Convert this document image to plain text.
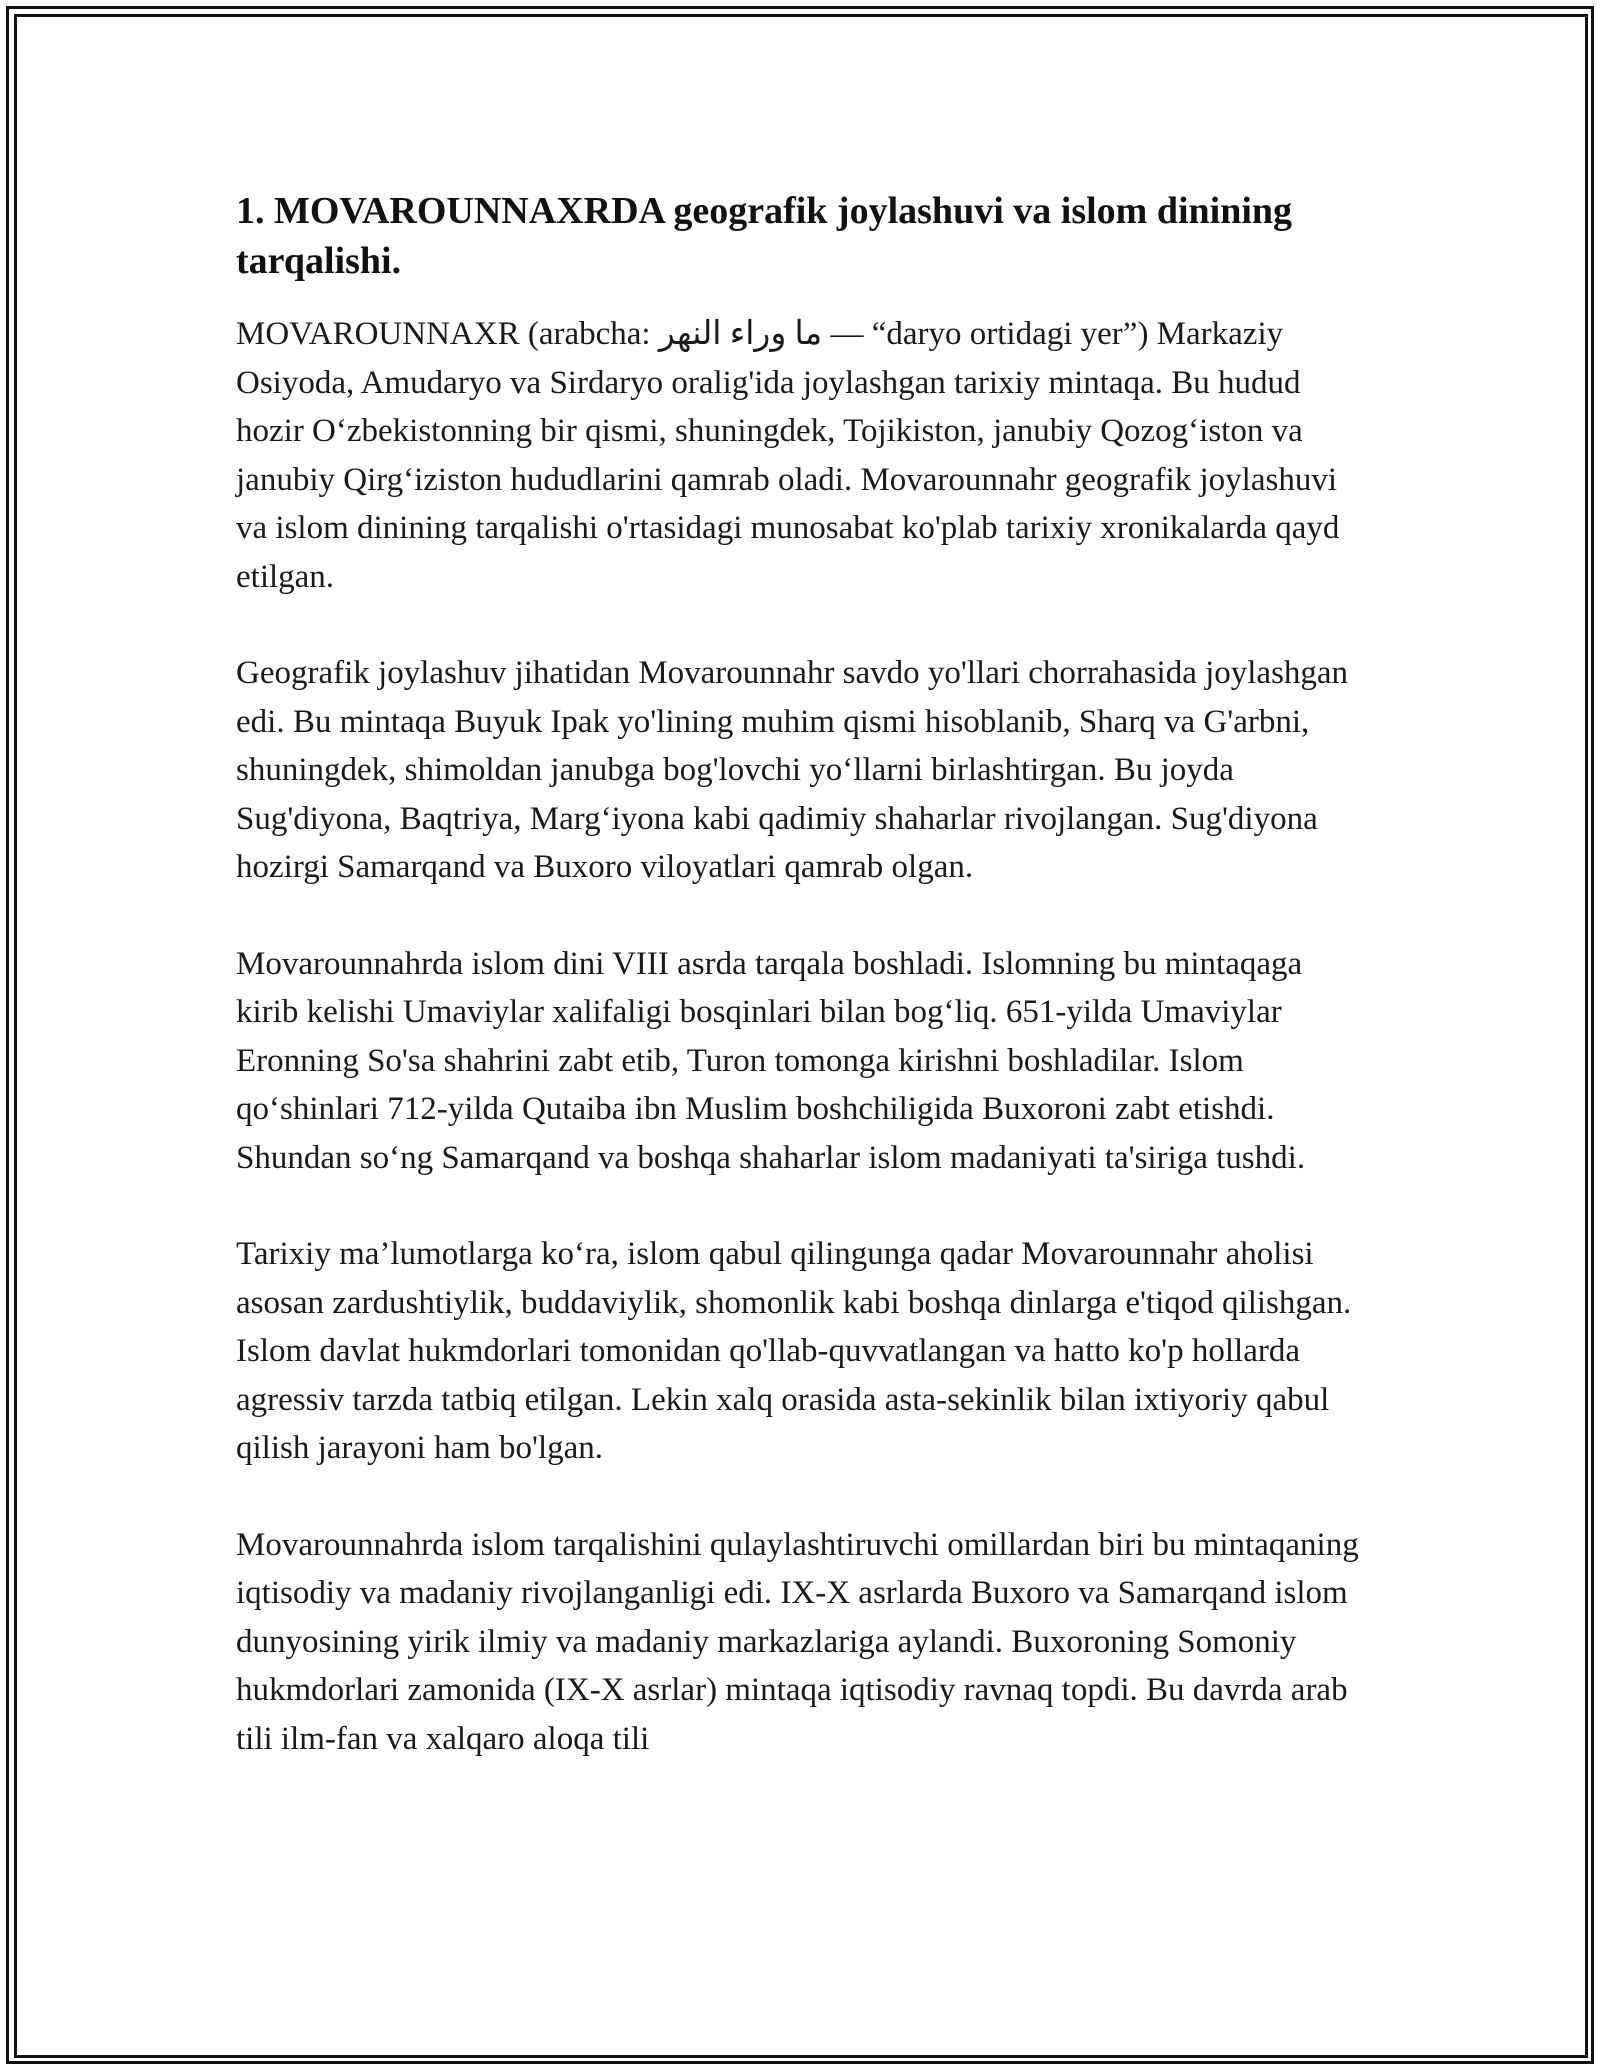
1. MOVAROUNNAXRDA geografik joylashuvi va islom dinining tarqalishi.

MOVAROUNNAXR (arabcha: ما وراء النهر — “daryo ortidagi yer”) Markaziy Osiyoda, Amudaryo va Sirdaryo oralig'ida joylashgan tarixiy mintaqa. Bu hudud hozir O‘zbekistonning bir qismi, shuningdek, Tojikiston, janubiy Qozog‘iston va janubiy Qirg‘iziston hududlarini qamrab oladi. Movarounnahr geografik joylashuvi va islom dinining tarqalishi o'rtasidagi munosabat ko'plab tarixiy xronikalarda qayd etilgan.

Geografik joylashuv jihatidan Movarounnahr savdo yo'llari chorrahasida joylashgan edi. Bu mintaqa Buyuk Ipak yo'lining muhim qismi hisoblanib, Sharq va G'arbni, shuningdek, shimoldan janubga bog'lovchi yo‘llarni birlashtirgan. Bu joyda Sug'diyona, Baqtriya, Marg‘iyona kabi qadimiy shaharlar rivojlangan. Sug'diyona hozirgi Samarqand va Buxoro viloyatlari qamrab olgan.

Movarounnahrda islom dini VIII asrda tarqala boshladi. Islomning bu mintaqaga kirib kelishi Umaviylar xalifaligi bosqinlari bilan bog‘liq. 651-yilda Umaviylar Eronning So'sa shahrini zabt etib, Turon tomonga kirishni boshladilar. Islom qo‘shinlari 712-yilda Qutaiba ibn Muslim boshchiligida Buxoroni zabt etishdi. Shundan so‘ng Samarqand va boshqa shaharlar islom madaniyati ta'siriga tushdi.

Tarixiy ma’lumotlarga ko‘ra, islom qabul qilingunga qadar Movarounnahr aholisi asosan zardushtiylik, buddaviylik, shomonlik kabi boshqa dinlarga e'tiqod qilishgan. Islom davlat hukmdorlari tomonidan qo'llab-quvvatlangan va hatto ko'p hollarda agressiv tarzda tatbiq etilgan. Lekin xalq orasida asta-sekinlik bilan ixtiyoriy qabul qilish jarayoni ham bo'lgan.

Movarounnahrda islom tarqalishini qulaylashtiruvchi omillardan biri bu mintaqaning iqtisodiy va madaniy rivojlanganligi edi. IX-X asrlarda Buxoro va Samarqand islom dunyosining yirik ilmiy va madaniy markazlariga aylandi. Buxoroning Somoniy hukmdorlari zamonida (IX-X asrlar) mintaqa iqtisodiy ravnaq topdi. Bu davrda arab tili ilm-fan va xalqaro aloqa tili
